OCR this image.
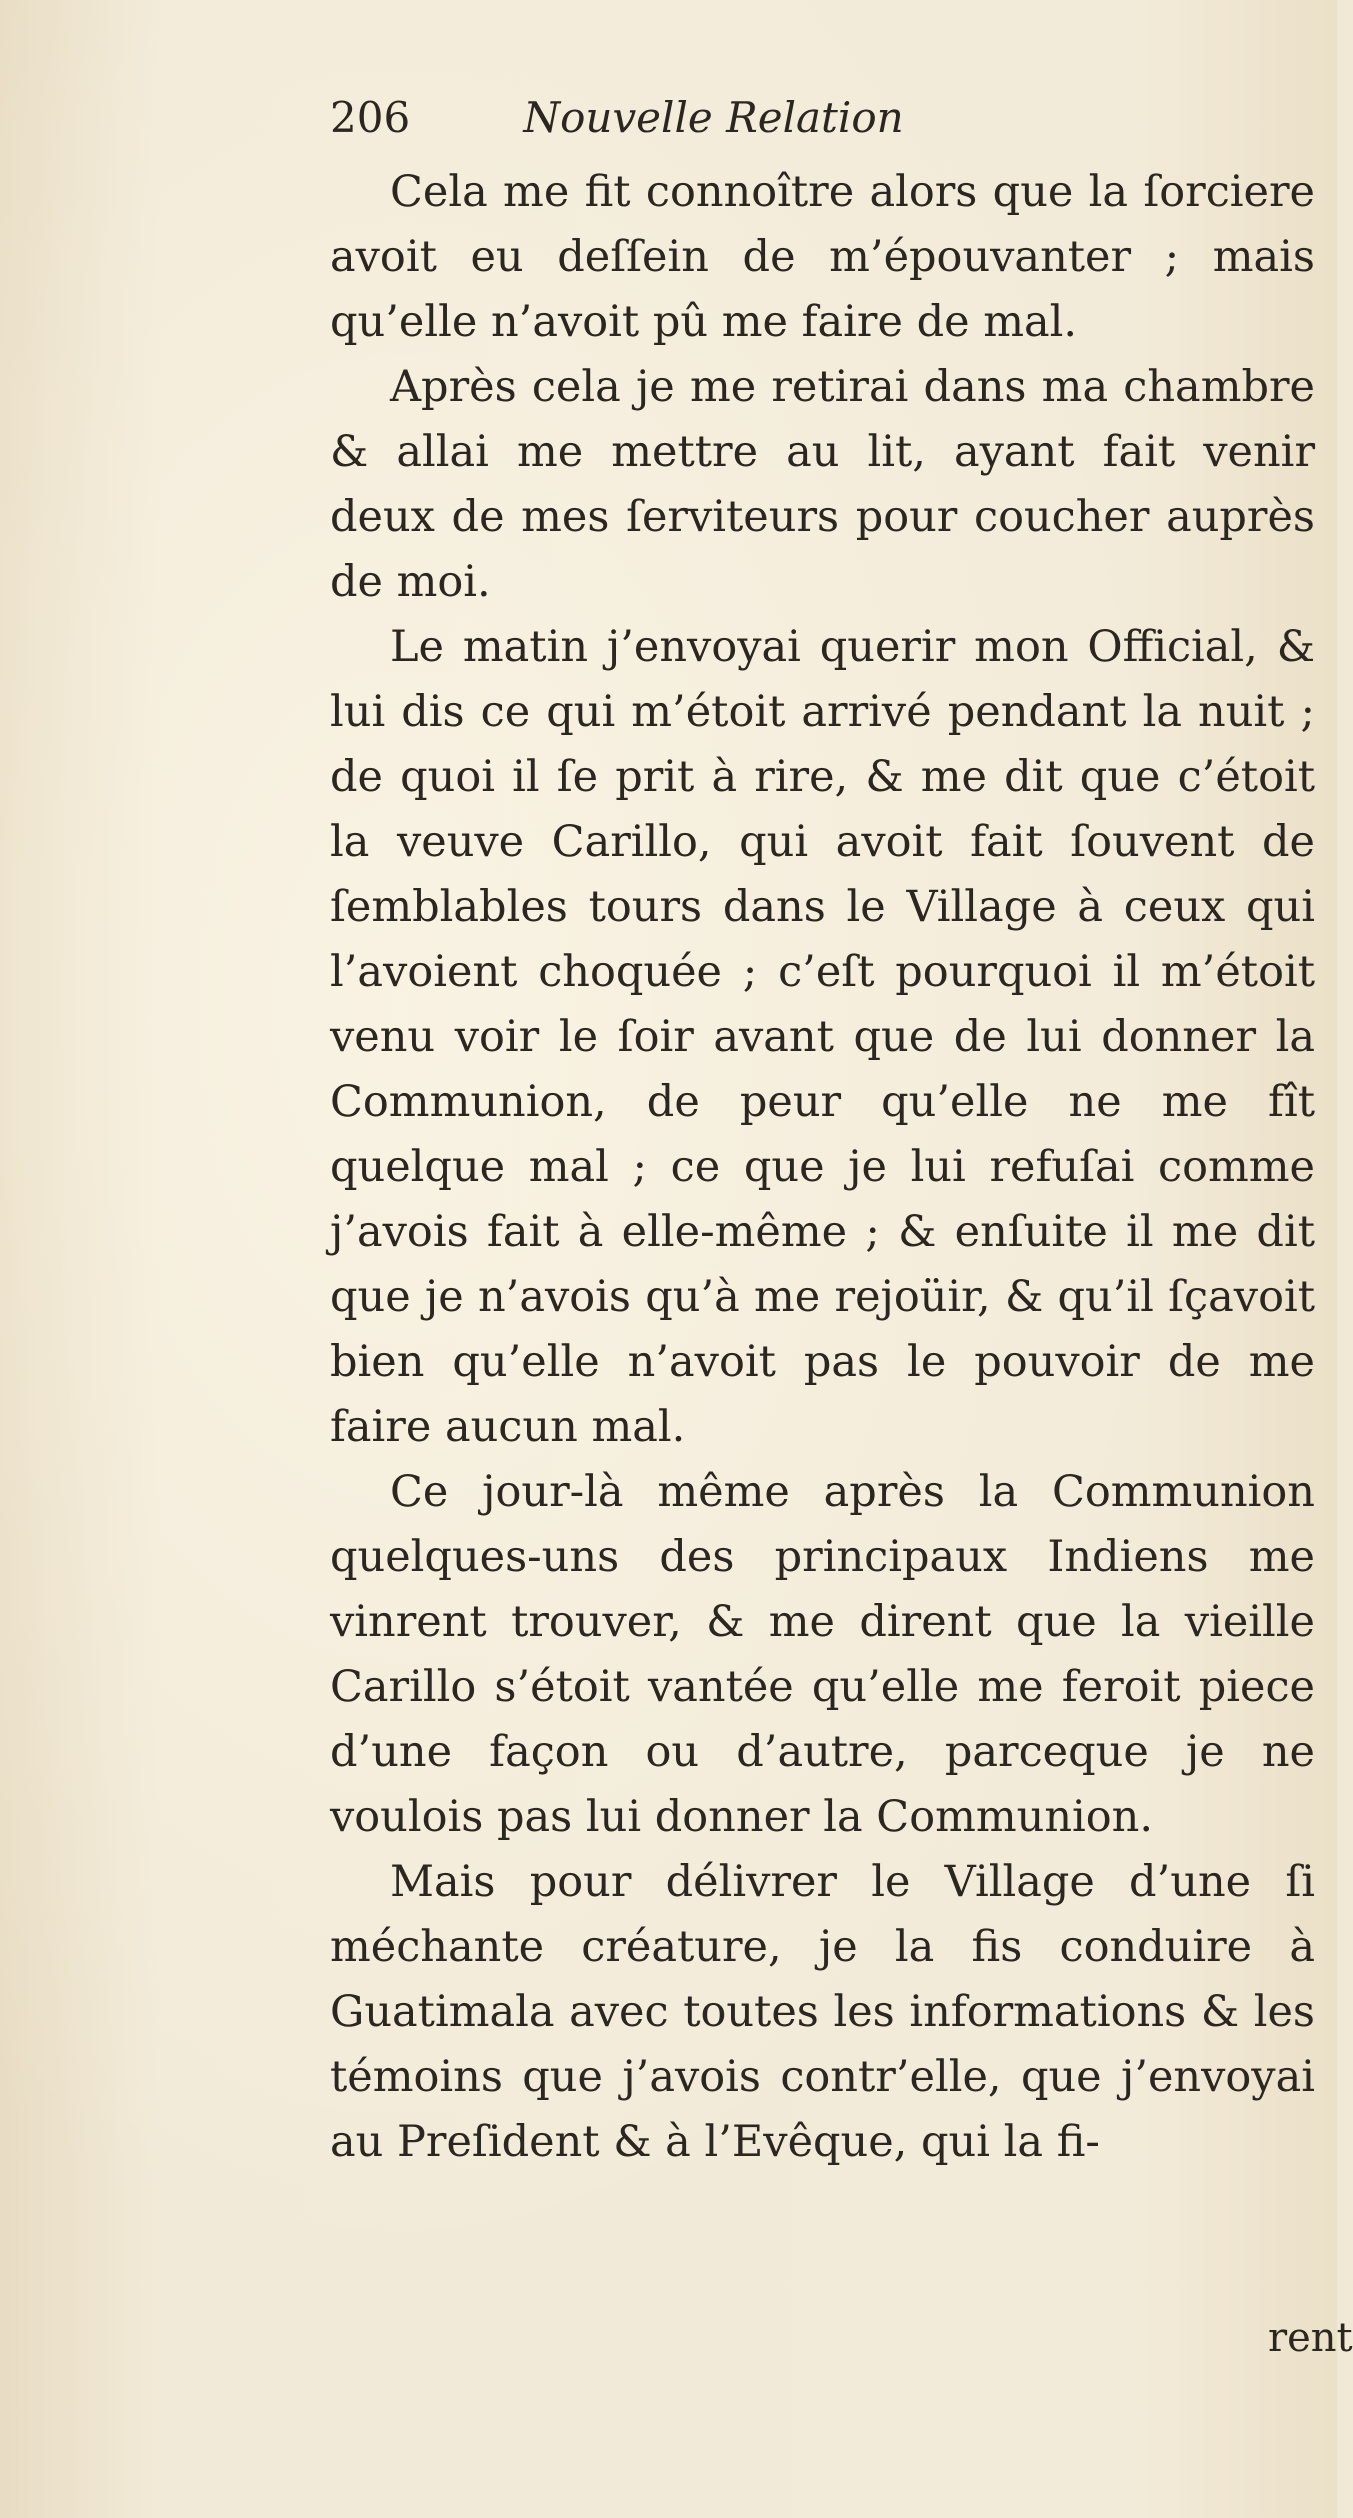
206	Nouvelle Relation

Cela me fit connoître alors que la ſorciere avoit eu deſſein de m’épouvanter ; mais qu’elle n’avoit pû me faire de mal.

Après cela je me retirai dans ma chambre & allai me mettre au lit, ayant fait venir deux de mes ſerviteurs pour coucher auprès de moi.

Le matin j’envoyai querir mon Official, & lui dis ce qui m’étoit arrivé pendant la nuit ; de quoi il ſe prit à rire, & me dit que c’étoit la veuve Carillo, qui avoit fait ſouvent de ſemblables tours dans le Village à ceux qui l’avoient choquée ; c’eſt pourquoi il m’étoit venu voir le ſoir avant que de lui donner la Communion, de peur qu’elle ne me fît quelque mal ; ce que je lui refuſai comme j’avois fait à elle-même ; & enſuite il me dit que je n’avois qu’à me rejoüir, & qu’il ſçavoit bien qu’elle n’avoit pas le pouvoir de me faire aucun mal.

Ce jour-là même après la Communion quelques-uns des principaux Indiens me vinrent trouver, & me dirent que la vieille Carillo s’étoit vantée qu’elle me feroit piece d’une façon ou d’autre, parceque je ne voulois pas lui donner la Communion.

Mais pour délivrer le Village d’une ſi méchante créature, je la fis conduire à Guatimala avec toutes les informations & les témoins que j’avois contr’elle, que j’envoyai au Preſident & à l’Evêque, qui la fi-

rent
